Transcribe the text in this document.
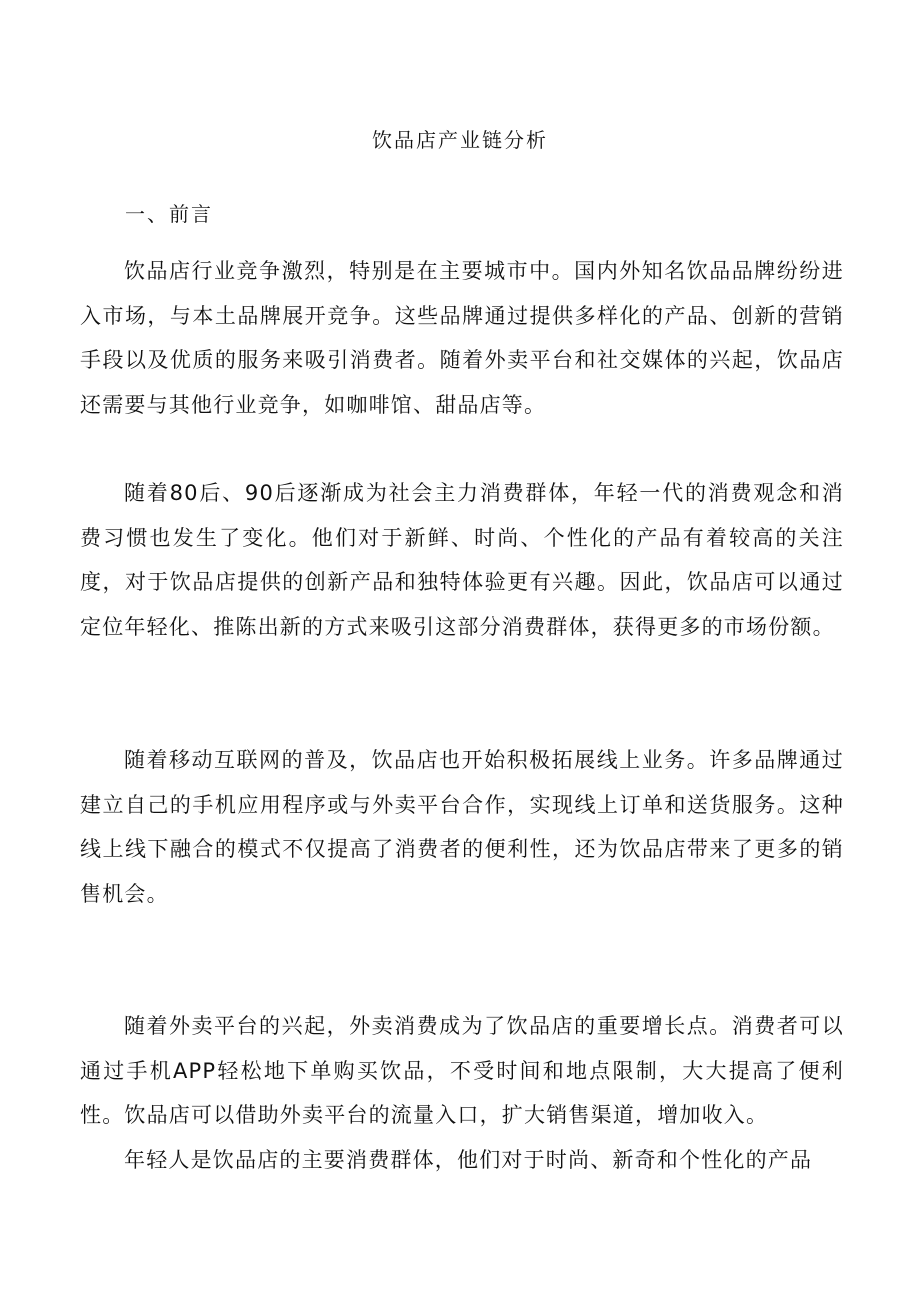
饮品店产业链分析
一、前言

饮品店行业竞争激烈，特别是在主要城市中。国内外知名饮品品牌纷纷进入市场，与本土品牌展开竞争。这些品牌通过提供多样化的产品、创新的营销手段以及优质的服务来吸引消费者。随着外卖平台和社交媒体的兴起，饮品店还需要与其他行业竞争，如咖啡馆、甜品店等。

随着80后、90后逐渐成为社会主力消费群体，年轻一代的消费观念和消费习惯也发生了变化。他们对于新鲜、时尚、个性化的产品有着较高的关注度，对于饮品店提供的创新产品和独特体验更有兴趣。因此，饮品店可以通过定位年轻化、推陈出新的方式来吸引这部分消费群体，获得更多的市场份额。

随着移动互联网的普及，饮品店也开始积极拓展线上业务。许多品牌通过建立自己的手机应用程序或与外卖平台合作，实现线上订单和送货服务。这种线上线下融合的模式不仅提高了消费者的便利性，还为饮品店带来了更多的销售机会。

随着外卖平台的兴起，外卖消费成为了饮品店的重要增长点。消费者可以通过手机APP轻松地下单购买饮品，不受时间和地点限制，大大提高了便利性。饮品店可以借助外卖平台的流量入口，扩大销售渠道，增加收入。

年轻人是饮品店的主要消费群体，他们对于时尚、新奇和个性化的产品
